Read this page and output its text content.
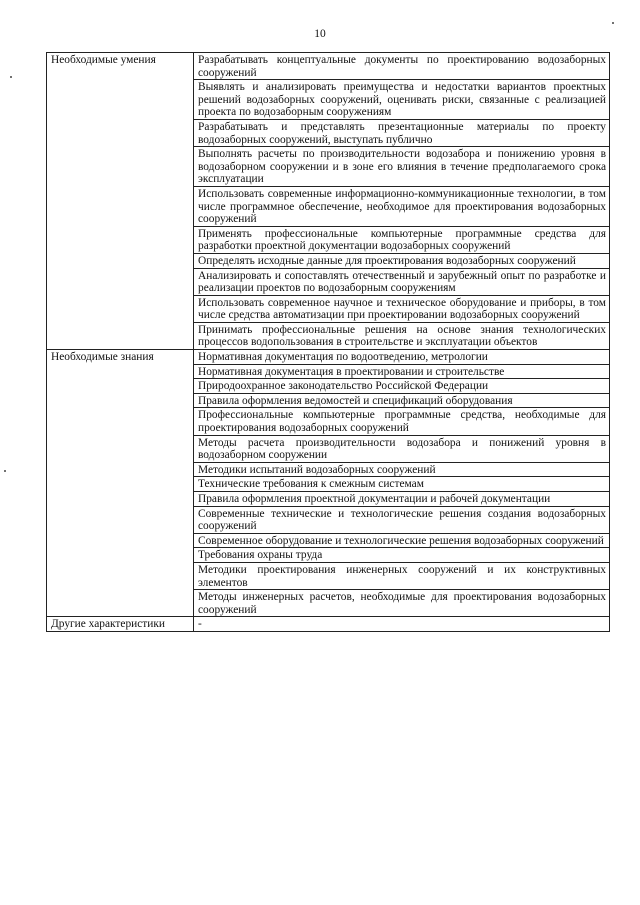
10
Необходимые умения	Разрабатывать концептуальные документы по проектированию водозаборных сооружений
	Выявлять и анализировать преимущества и недостатки вариантов проектных решений водозаборных сооружений, оценивать риски, связанные с реализацией проекта по водозаборным сооружениям
	Разрабатывать и представлять презентационные материалы по проекту водозаборных сооружений, выступать публично
	Выполнять расчеты по производительности водозабора и понижению уровня в водозаборном сооружении и в зоне его влияния в течение предполагаемого срока эксплуатации
	Использовать современные информационно-коммуникационные технологии, в том числе программное обеспечение, необходимое для проектирования водозаборных сооружений
	Применять профессиональные компьютерные программные средства для разработки проектной документации водозаборных сооружений
	Определять исходные данные для проектирования водозаборных сооружений
	Анализировать и сопоставлять отечественный и зарубежный опыт по разработке и реализации проектов по водозаборным сооружениям
	Использовать современное научное и техническое оборудование и приборы, в том числе средства автоматизации при проектировании водозаборных сооружений
	Принимать профессиональные решения на основе знания технологических процессов водопользования в строительстве и эксплуатации объектов
Необходимые знания	Нормативная документация по водоотведению, метрологии
	Нормативная документация в проектировании и строительстве
	Природоохранное законодательство Российской Федерации
	Правила оформления ведомостей и спецификаций оборудования
	Профессиональные компьютерные программные средства, необходимые для проектирования водозаборных сооружений
	Методы расчета производительности водозабора и понижений уровня в водозаборном сооружении
	Методики испытаний водозаборных сооружений
	Технические требования к смежным системам
	Правила оформления проектной документации и рабочей документации
	Современные технические и технологические решения создания водозаборных сооружений
	Современное оборудование и технологические решения водозаборных сооружений
	Требования охраны труда
	Методики проектирования инженерных сооружений и их конструктивных элементов
	Методы инженерных расчетов, необходимые для проектирования водозаборных сооружений
Другие характеристики	-
